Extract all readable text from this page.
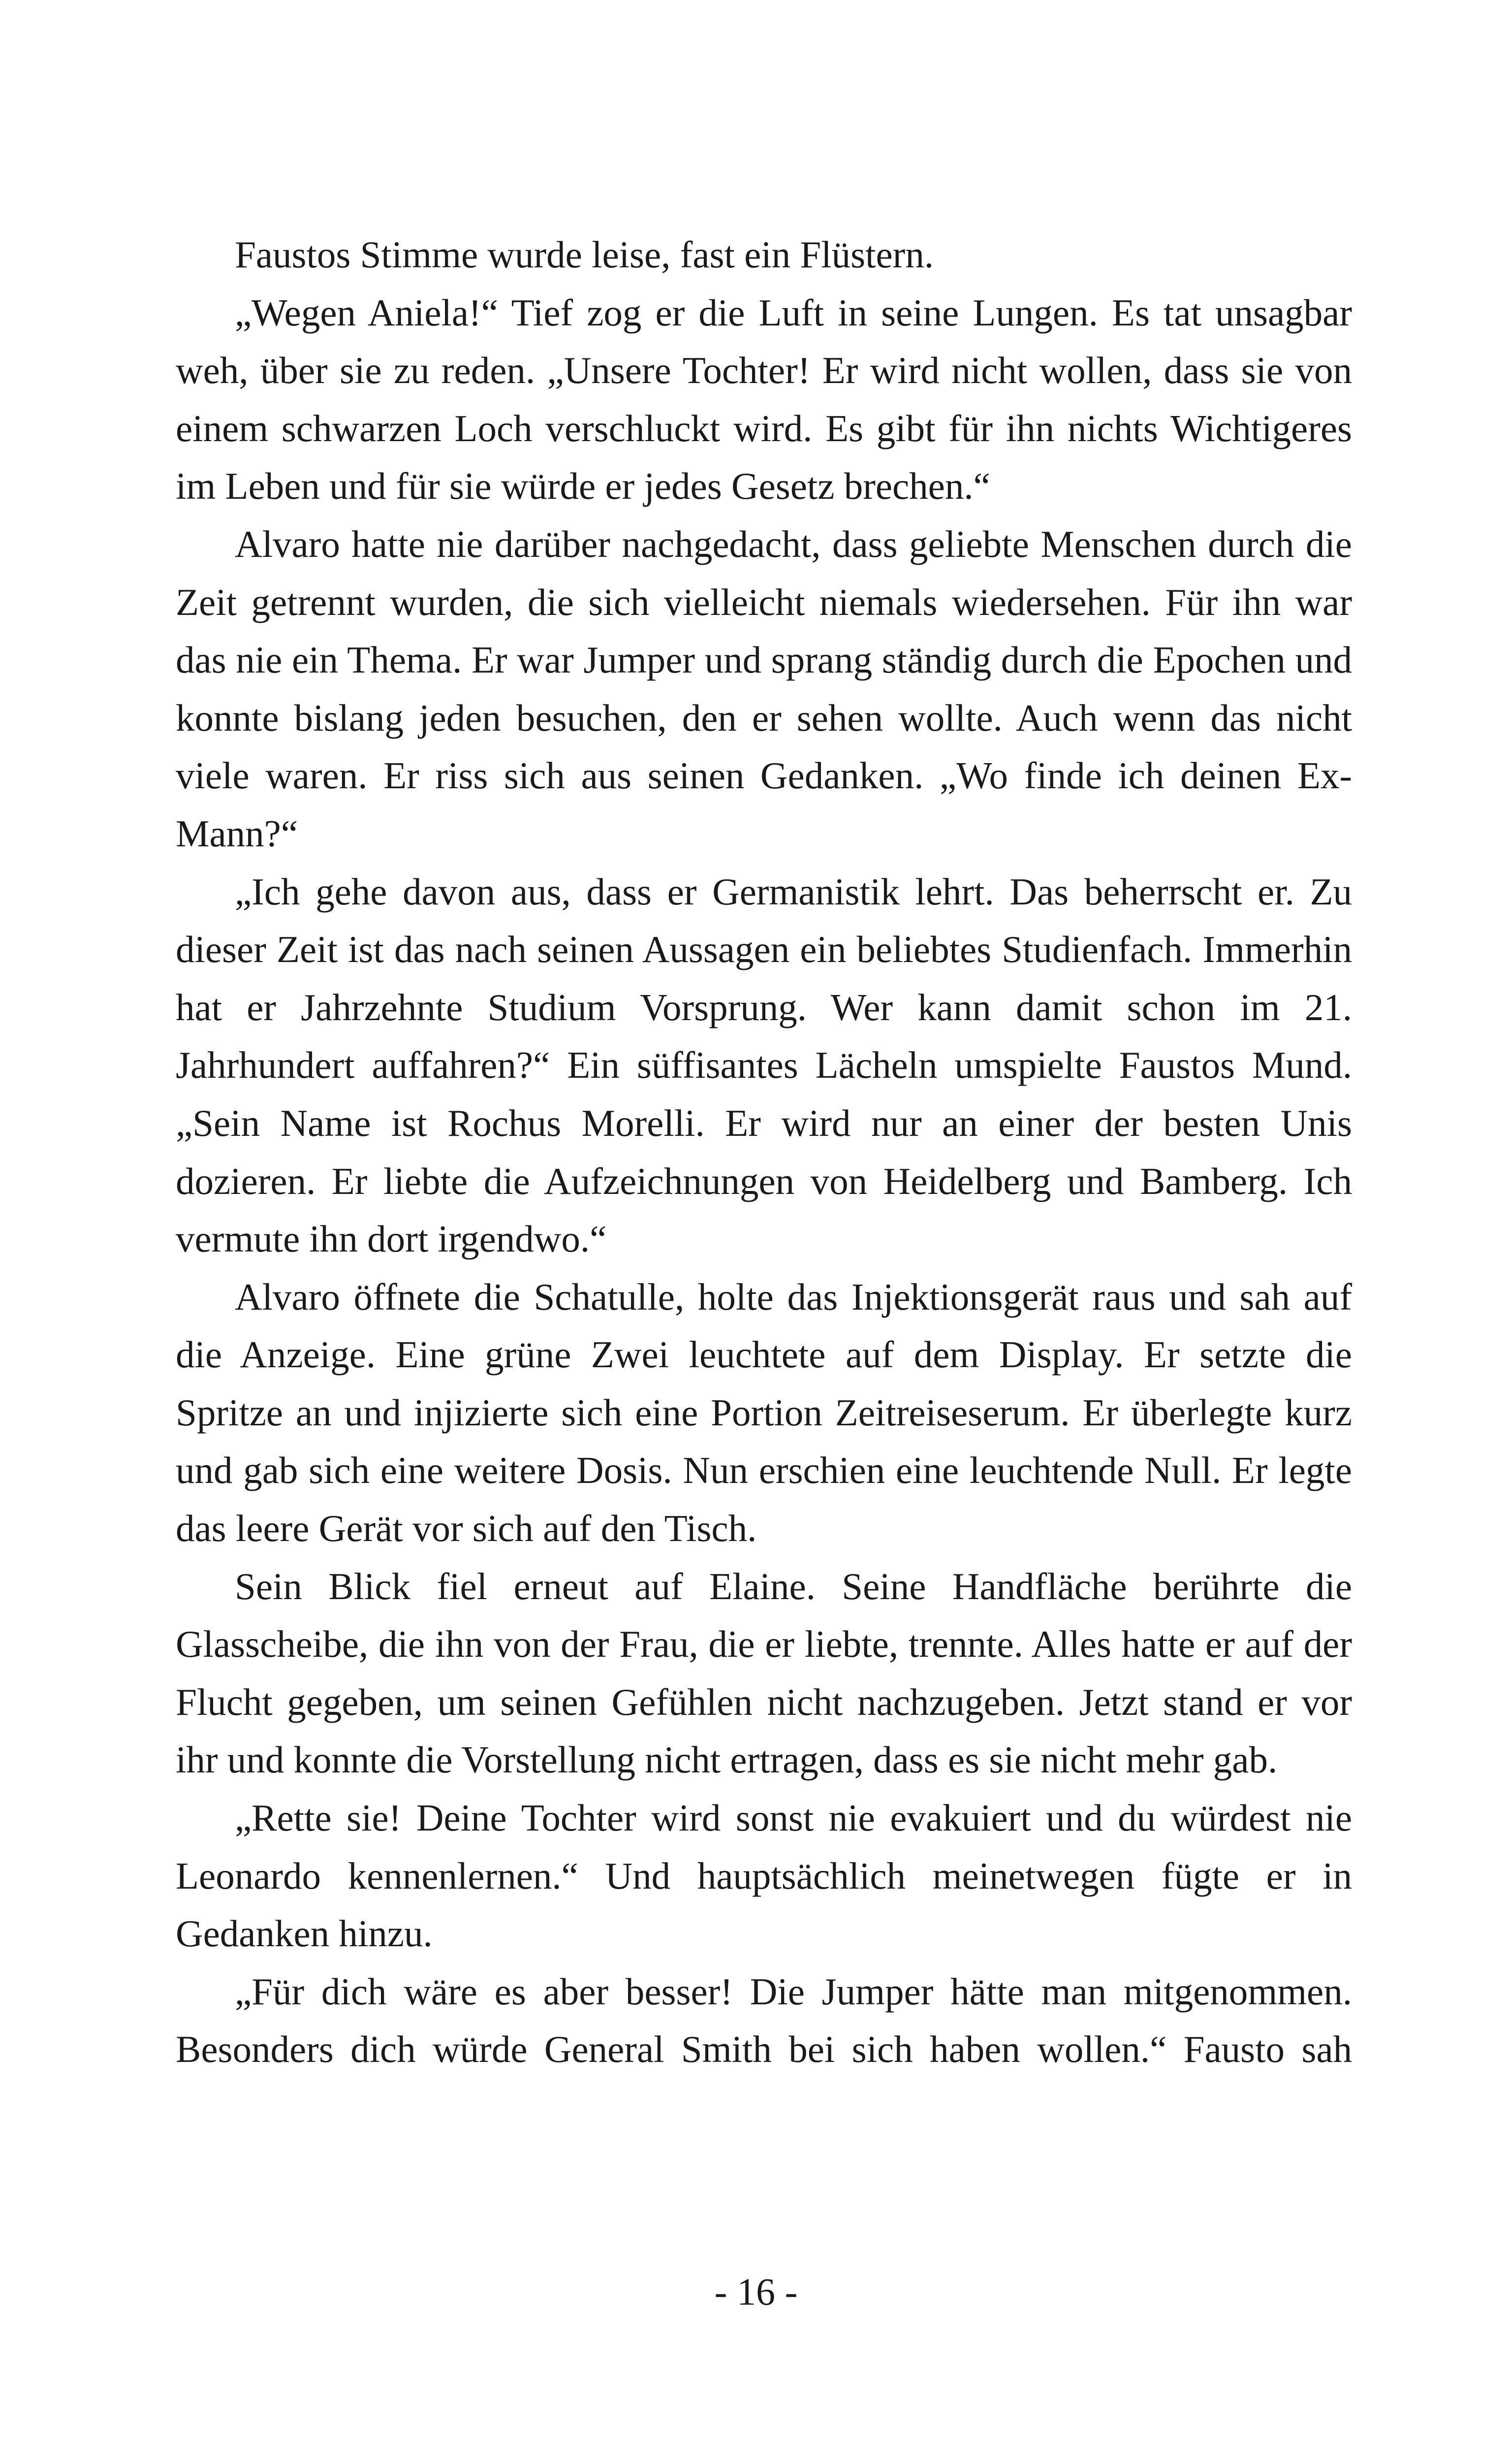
Faustos Stimme wurde leise, fast ein Flüstern.

„Wegen Aniela!“ Tief zog er die Luft in seine Lungen. Es tat unsagbar weh, über sie zu reden. „Unsere Tochter! Er wird nicht wollen, dass sie von einem schwarzen Loch verschluckt wird. Es gibt für ihn nichts Wichtigeres im Leben und für sie würde er jedes Gesetz brechen.“

Alvaro hatte nie darüber nachgedacht, dass geliebte Menschen durch die Zeit getrennt wurden, die sich vielleicht niemals wiedersehen. Für ihn war das nie ein Thema. Er war Jumper und sprang ständig durch die Epochen und konnte bislang jeden besuchen, den er sehen wollte. Auch wenn das nicht viele waren. Er riss sich aus seinen Gedanken. „Wo finde ich deinen Ex-Mann?“

„Ich gehe davon aus, dass er Germanistik lehrt. Das beherrscht er. Zu dieser Zeit ist das nach seinen Aussagen ein beliebtes Studienfach. Immerhin hat er Jahrzehnte Studium Vorsprung. Wer kann damit schon im 21. Jahrhundert auffahren?“ Ein süffisantes Lächeln umspielte Faustos Mund. „Sein Name ist Rochus Morelli. Er wird nur an einer der besten Unis dozieren. Er liebte die Aufzeichnungen von Heidelberg und Bamberg. Ich vermute ihn dort irgendwo.“

Alvaro öffnete die Schatulle, holte das Injektionsgerät raus und sah auf die Anzeige. Eine grüne Zwei leuchtete auf dem Display. Er setzte die Spritze an und injizierte sich eine Portion Zeitreiseserum. Er überlegte kurz und gab sich eine weitere Dosis. Nun erschien eine leuchtende Null. Er legte das leere Gerät vor sich auf den Tisch.

Sein Blick fiel erneut auf Elaine. Seine Handfläche berührte die Glasscheibe, die ihn von der Frau, die er liebte, trennte. Alles hatte er auf der Flucht gegeben, um seinen Gefühlen nicht nachzugeben. Jetzt stand er vor ihr und konnte die Vorstellung nicht ertragen, dass es sie nicht mehr gab.

„Rette sie! Deine Tochter wird sonst nie evakuiert und du würdest nie Leonardo kennenlernen.“ Und hauptsächlich meinetwegen fügte er in Gedanken hinzu.

„Für dich wäre es aber besser! Die Jumper hätte man mitgenommen. Besonders dich würde General Smith bei sich haben wollen.“ Fausto sah

- 16 -
